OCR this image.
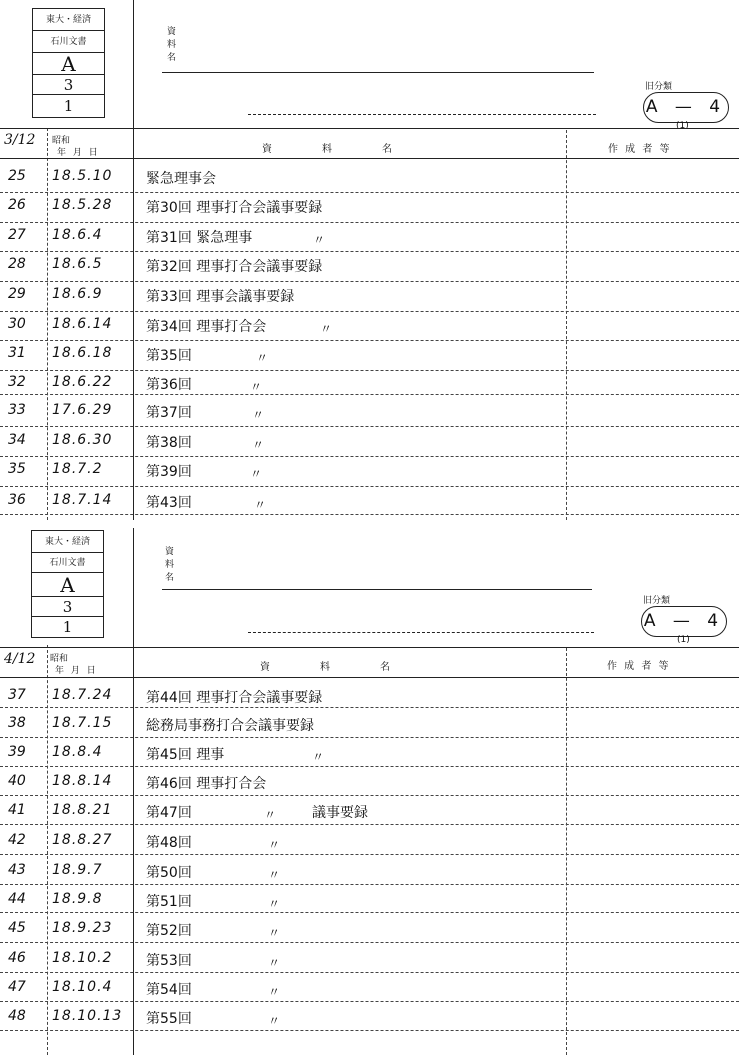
東大・経済
石川文書
A
3
1
資
料
名
旧分類
A — 4
(1)
3/12 昭和
年 月 日	資　　　　料　　　　名	作 成 者 等
25	18.5.10	緊急理事会
26	18.5.28	第30回 理事打合会議事要録
27	18.6.4	第31回 緊急理事	〃
28	18.6.5	第32回 理事打合会議事要録
29	18.6.9	第33回 理事会議事要録
30	18.6.14	第34回 理事打合会	〃
31	18.6.18	第35回	〃
32	18.6.22	第36回	〃
33	17.6.29	第37回	〃
34	18.6.30	第38回	〃
35	18.7.2	第39回	〃
36	18.7.14	第43回	〃
東大・経済
石川文書
A
3
1
資
料
名
旧分類
A — 4
(1)
4/12 昭和
年 月 日	資　　　　料　　　　名	作 成 者 等
37	18.7.24	第44回 理事打合会議事要録
38	18.7.15	総務局事務打合会議事要録
39	18.8.4	第45回 理事	〃
40	18.8.14	第46回 理事打合会
41	18.8.21	第47回	〃	議事要録
42	18.8.27	第48回	〃
43	18.9.7	第50回	〃
44	18.9.8	第51回	〃
45	18.9.23	第52回	〃
46	18.10.2	第53回	〃
47	18.10.4	第54回	〃
48	18.10.13	第55回	〃
